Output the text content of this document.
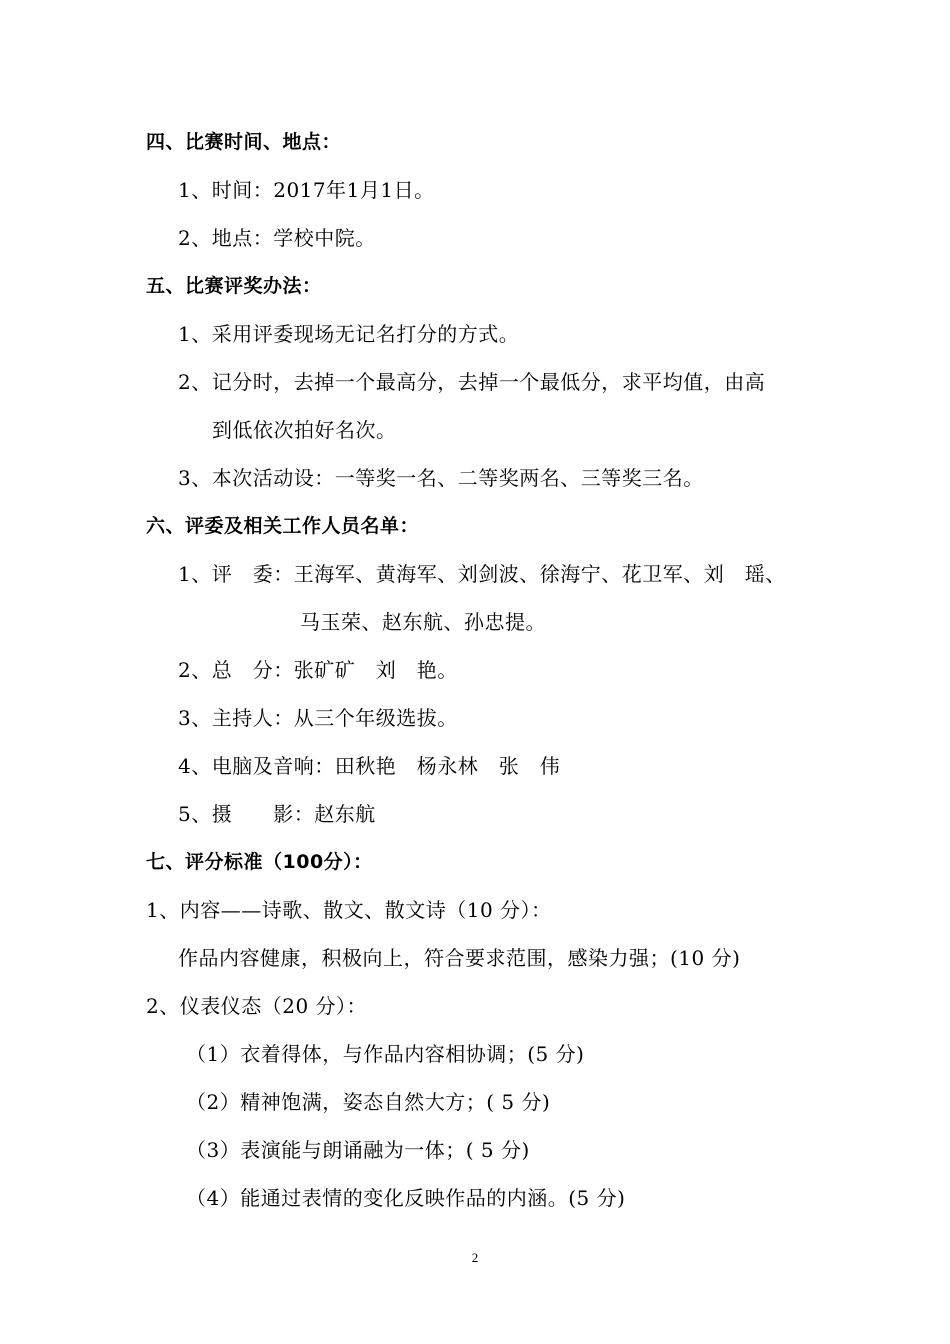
四、比赛时间、地点：
1、时间：2017年1月1日。
2、地点：学校中院。
五、比赛评奖办法：
1、采用评委现场无记名打分的方式。
2、记分时，去掉一个最高分，去掉一个最低分，求平均值，由高
到低依次拍好名次。
3、本次活动设：一等奖一名、二等奖两名、三等奖三名。
六、评委及相关工作人员名单：
1、评　委：王海军、黄海军、刘剑波、徐海宁、花卫军、刘　瑶、
马玉荣、赵东航、孙忠提。
2、总　分：张矿矿　刘　艳。
3、主持人：从三个年级选拔。
4、电脑及音响：田秋艳　杨永林　张　伟
5、摄　　影：赵东航
七、评分标准（100分）：
1、内容——诗歌、散文、散文诗（10 分）：
作品内容健康，积极向上，符合要求范围，感染力强；(10 分)
2、仪表仪态（20 分）：
（1）衣着得体，与作品内容相协调；(5 分)
（2）精神饱满，姿态自然大方；( 5 分)
（3）表演能与朗诵融为一体；( 5 分)
（4）能通过表情的变化反映作品的内涵。(5 分)
2
